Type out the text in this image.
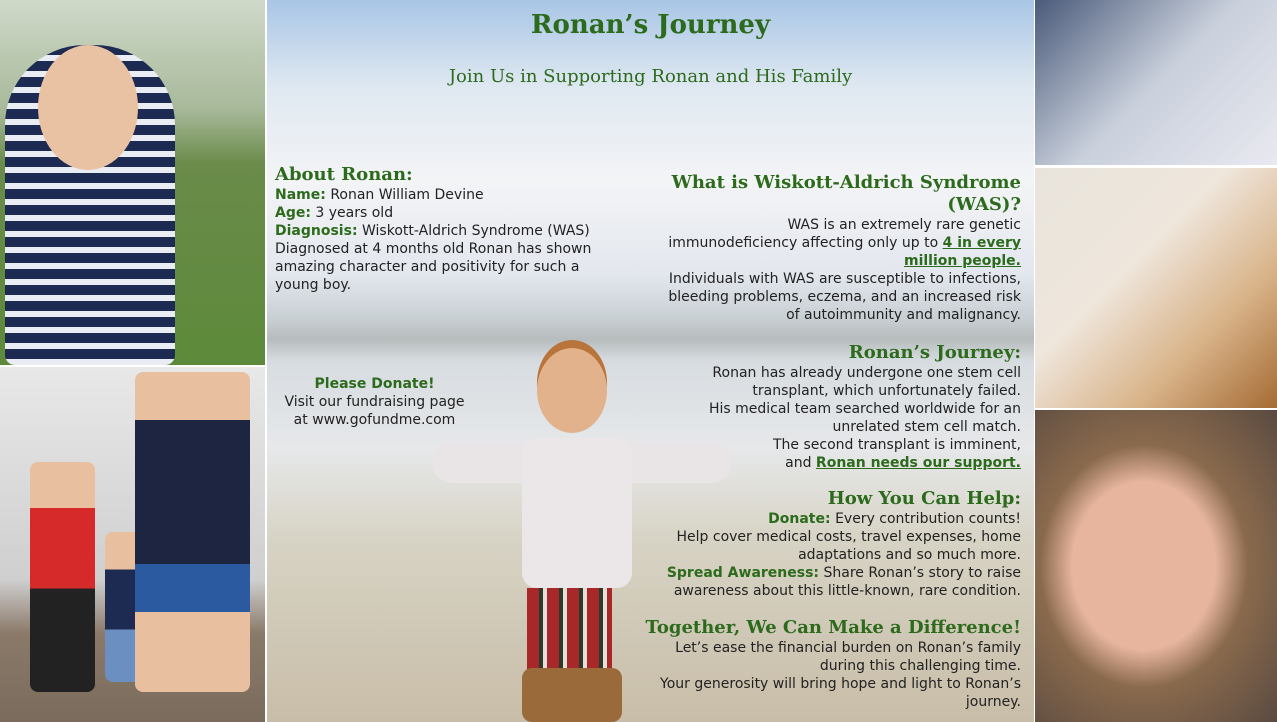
Ronan’s Journey
Join Us in Supporting Ronan and His Family
About Ronan:
Name: Ronan William Devine
Age: 3 years old
Diagnosis: Wiskott-Aldrich Syndrome (WAS)
Diagnosed at 4 months old Ronan has shown amazing character and positivity for such a young boy.
Please Donate!
Visit our fundraising page
at www.gofundme.com
What is Wiskott-Aldrich Syndrome (WAS)?
WAS is an extremely rare genetic immunodeficiency affecting only up to 4 in every million people.
Individuals with WAS are susceptible to infections, bleeding problems, eczema, and an increased risk of autoimmunity and malignancy.
Ronan’s Journey:
Ronan has already undergone one stem cell transplant, which unfortunately failed.
His medical team searched worldwide for an unrelated stem cell match.
The second transplant is imminent,
and Ronan needs our support.
How You Can Help:
Donate: Every contribution counts!
Help cover medical costs, travel expenses, home adaptations and so much more.
Spread Awareness: Share Ronan’s story to raise awareness about this little-known, rare condition.
Together, We Can Make a Difference!
Let’s ease the financial burden on Ronan’s family during this challenging time.
Your generosity will bring hope and light to Ronan’s journey.
